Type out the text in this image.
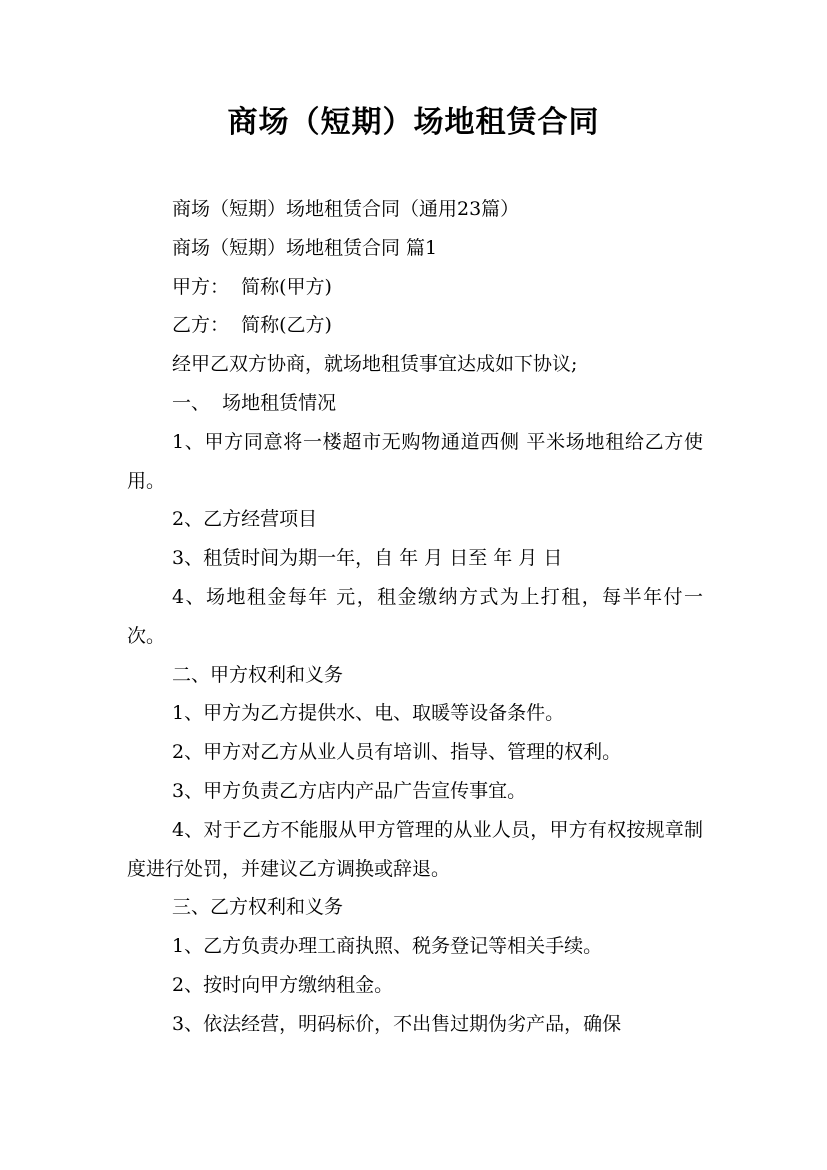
商场（短期）场地租赁合同

商场（短期）场地租赁合同（通用23篇）

商场（短期）场地租赁合同 篇1

甲方：  简称(甲方)

乙方：  简称(乙方)

经甲乙双方协商，就场地租赁事宜达成如下协议;

一、  场地租赁情况

1、甲方同意将一楼超市无购物通道西侧 平米场地租给乙方使用。

2、乙方经营项目

3、租赁时间为期一年，自 年 月 日至 年 月 日

4、场地租金每年 元，租金缴纳方式为上打租，每半年付一次。

二、甲方权利和义务

1、甲方为乙方提供水、电、取暖等设备条件。

2、甲方对乙方从业人员有培训、指导、管理的权利。

3、甲方负责乙方店内产品广告宣传事宜。

4、对于乙方不能服从甲方管理的从业人员，甲方有权按规章制度进行处罚，并建议乙方调换或辞退。

三、乙方权利和义务

1、乙方负责办理工商执照、税务登记等相关手续。

2、按时向甲方缴纳租金。

3、依法经营，明码标价，不出售过期伪劣产品，确保
